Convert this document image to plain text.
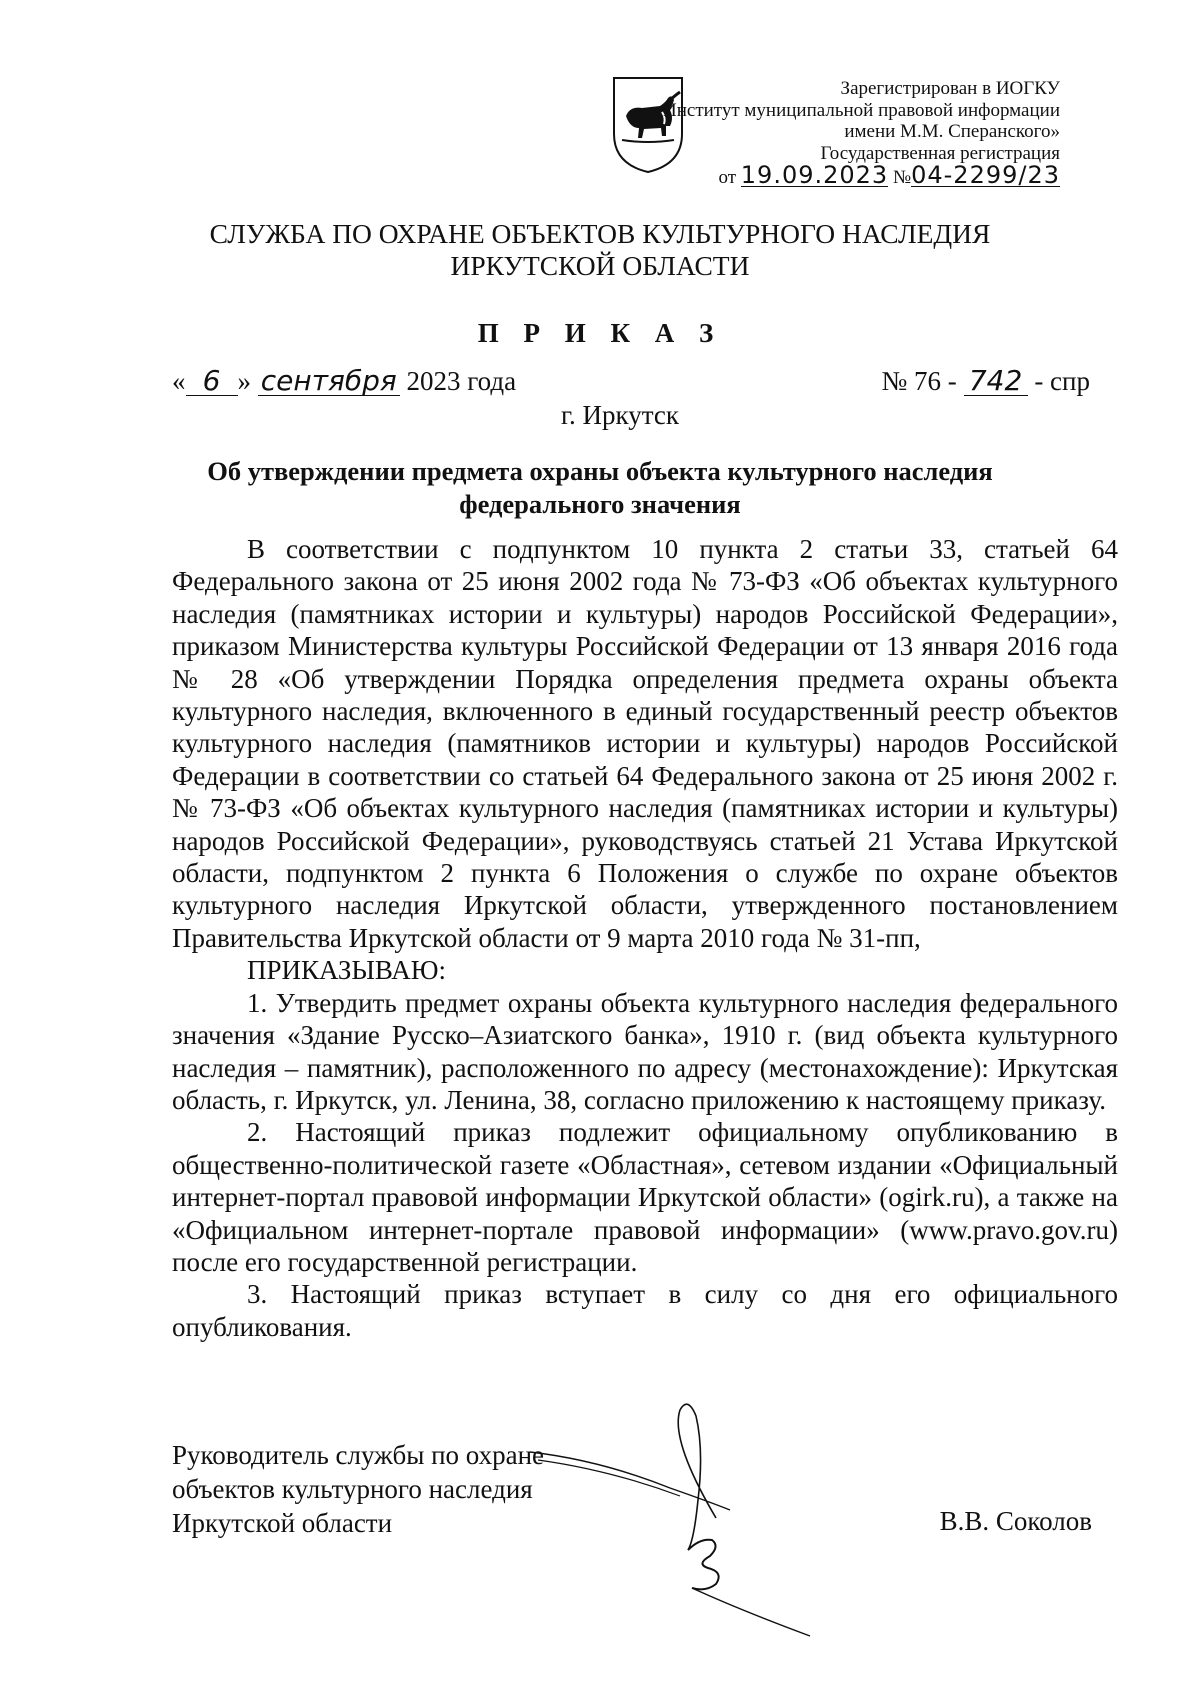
Зарегистрирован в ИОГКУ
«Институт муниципальной правовой информации
имени М.М. Сперанского»
Государственная регистрация
от 19.09.2023 №04-2299/23
СЛУЖБА ПО ОХРАНЕ ОБЪЕКТОВ КУЛЬТУРНОГО НАСЛЕДИЯ
ИРКУТСКОЙ ОБЛАСТИ
П Р И К А З
« 6 » сентября 2023 года	№ 76 - 742 - спр
г. Иркутск
Об утверждении предмета охраны объекта культурного наследия
федерального значения

В соответствии с подпунктом 10 пункта 2 статьи 33, статьей 64 Федерального закона от 25 июня 2002 года № 73-ФЗ «Об объектах культурного наследия (памятниках истории и культуры) народов Российской Федерации», приказом Министерства культуры Российской Федерации от 13 января 2016 года № 28 «Об утверждении Порядка определения предмета охраны объекта культурного наследия, включенного в единый государственный реестр объектов культурного наследия (памятников истории и культуры) народов Российской Федерации в соответствии со статьей 64 Федерального закона от 25 июня 2002 г. № 73-ФЗ «Об объектах культурного наследия (памятниках истории и культуры) народов Российской Федерации», руководствуясь статьей 21 Устава Иркутской области, подпунктом 2 пункта 6 Положения о службе по охране объектов культурного наследия Иркутской области, утвержденного постановлением Правительства Иркутской области от 9 марта 2010 года № 31-пп,

ПРИКАЗЫВАЮ:

1. Утвердить предмет охраны объекта культурного наследия федерального значения «Здание Русско–Азиатского банка», 1910 г. (вид объекта культурного наследия – памятник), расположенного по адресу (местонахождение): Иркутская область, г. Иркутск, ул. Ленина, 38, согласно приложению к настоящему приказу.

2. Настоящий приказ подлежит официальному опубликованию в общественно-политической газете «Областная», сетевом издании «Официальный интернет-портал правовой информации Иркутской области» (ogirk.ru), а также на «Официальном интернет-портале правовой информации» (www.pravo.gov.ru) после его государственной регистрации.

3. Настоящий приказ вступает в силу со дня его официального опубликования.

Руководитель службы по охране
объектов культурного наследия
Иркутской области	В.В. Соколов
